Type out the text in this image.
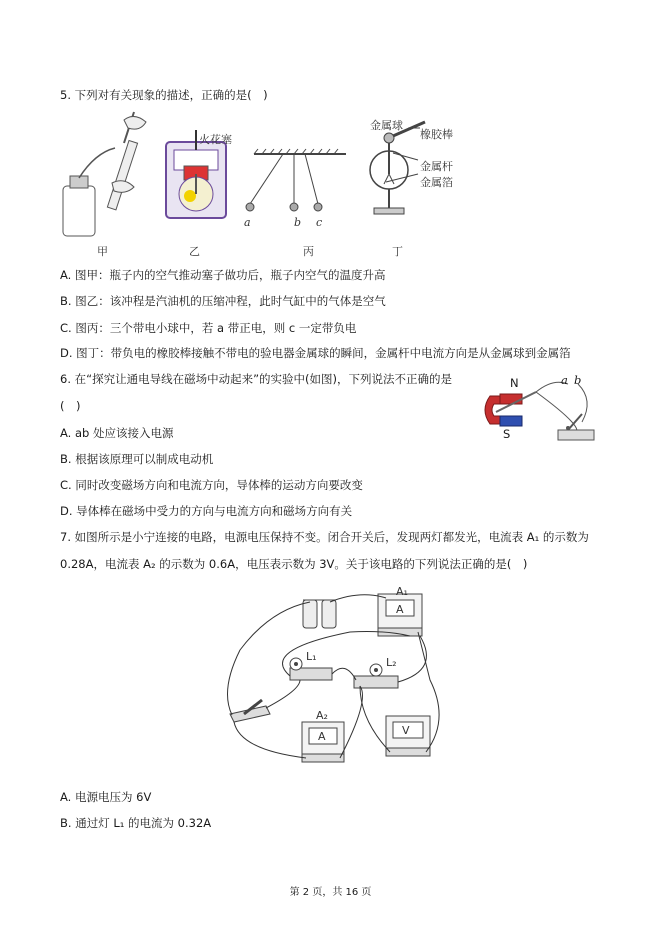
5. 下列对有关现象的描述，正确的是(　)
甲
火花塞
乙
a	b c
丙
金属球
橡胶棒
金属杆
金属箔
丁
A. 图甲：瓶子内的空气推动塞子做功后，瓶子内空气的温度升高
B. 图乙：该冲程是汽油机的压缩冲程，此时气缸中的气体是空气
C. 图丙：三个带电小球中，若 a 带正电，则 c 一定带负电
D. 图丁：带负电的橡胶棒接触不带电的验电器金属球的瞬间，金属杆中电流方向是从金属球到金属箔
6. 在“探究让通电导线在磁场中动起来”的实验中(如图)，下列说法不正确的是
(　)
N
S
a b
A. ab 处应该接入电源
B. 根据该原理可以制成电动机
C. 同时改变磁场方向和电流方向，导体棒的运动方向要改变
D. 导体棒在磁场中受力的方向与电流方向和磁场方向有关
7. 如图所示是小宁连接的电路，电源电压保持不变。闭合开关后，发现两灯都发光，电流表 A₁ 的示数为
0.28A，电流表 A₂ 的示数为 0.6A，电压表示数为 3V。关于该电路的下列说法正确的是(　)
A₁
A
L₁	L₂
A₂
A	V
A. 电源电压为 6V
B. 通过灯 L₁ 的电流为 0.32A
第 2 页，共 16 页
